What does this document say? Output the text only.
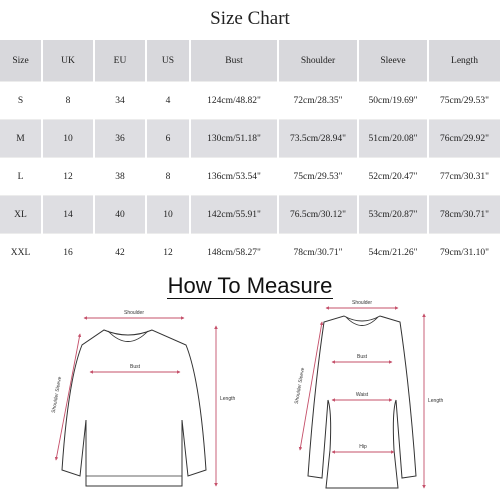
Size Chart
Size	UK	EU	US	Bust	Shoulder	Sleeve	Length
S	8	34	4	124cm/48.82"	72cm/28.35"	50cm/19.69"	75cm/29.53"
M	10	36	6	130cm/51.18"	73.5cm/28.94"	51cm/20.08"	76cm/29.92"
L	12	38	8	136cm/53.54"	75cm/29.53"	52cm/20.47"	77cm/30.31"
XL	14	40	10	142cm/55.91"	76.5cm/30.12"	53cm/20.87"	78cm/30.71"
XXL	16	42	12	148cm/58.27"	78cm/30.71"	54cm/21.26"	79cm/31.10"
How To Measure
Shoulder
Bust
Shoulder Sleeve	Length
Shoulder
Bust
Waist
Hip
Shoulder Sleeve	Length
